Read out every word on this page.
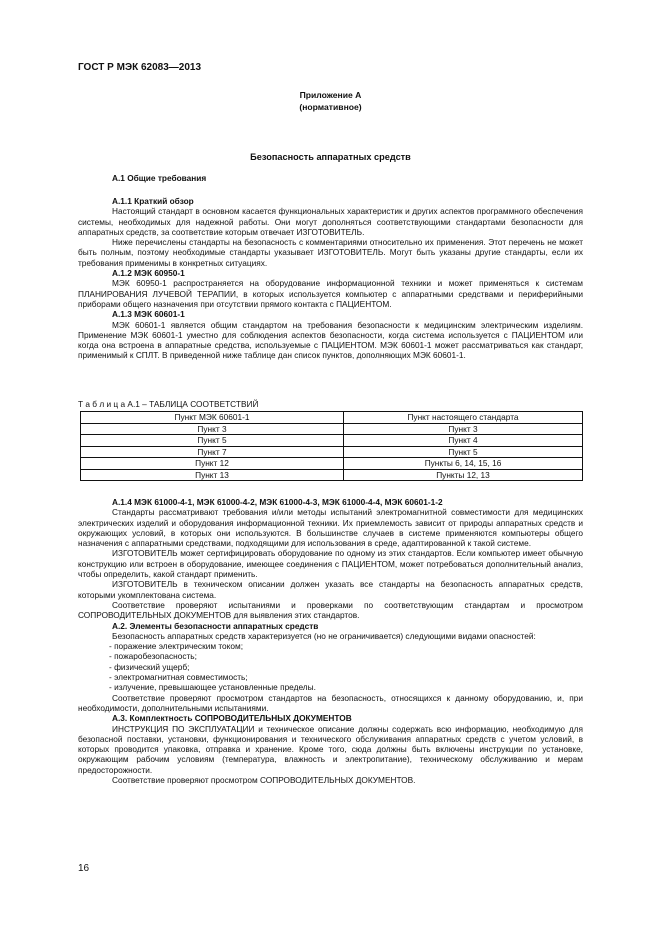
ГОСТ Р МЭК 62083—2013
Приложение А
(нормативное)
Безопасность аппаратных средств
А.1 Общие требования
А.1.1 Краткий обзор

Настоящий стандарт в основном касается функциональных характеристик и других аспектов программного обеспечения системы, необходимых для надежной работы. Они могут дополняться соответствующими стандартами безопасности для аппаратных средств, за соответствие которым отвечает ИЗГОТОВИТЕЛЬ.

Ниже перечислены стандарты на безопасность с комментариями относительно их применения. Этот перечень не может быть полным, поэтому необходимые стандарты указывает ИЗГОТОВИТЕЛЬ. Могут быть указаны другие стандарты, если их требования применимы в конкретных ситуациях.

А.1.2 МЭК 60950-1

МЭК 60950-1 распространяется на оборудование информационной техники и может применяться к системам ПЛАНИРОВАНИЯ ЛУЧЕВОЙ ТЕРАПИИ, в которых используется компьютер с аппаратными средствами и периферийными приборами общего назначения при отсутствии прямого контакта с ПАЦИЕНТОМ.

А.1.3 МЭК 60601-1

МЭК 60601-1 является общим стандартом на требования безопасности к медицинским электрическим изделиям. Применение МЭК 60601-1 уместно для соблюдения аспектов безопасности, когда система используется с ПАЦИЕНТОМ или когда она встроена в аппаратные средства, используемые с ПАЦИЕНТОМ. МЭК 60601-1 может рассматриваться как стандарт, применимый к СПЛТ. В приведенной ниже таблице дан список пунктов, дополняющих МЭК 60601-1.

Т а б л и ц а А.1 – ТАБЛИЦА СООТВЕТСТВИЙ
Пункт МЭК 60601-1	Пункт настоящего стандарта
Пункт 3	Пункт 3
Пункт 5	Пункт 4
Пункт 7	Пункт 5
Пункт 12	Пункты 6, 14, 15, 16
Пункт 13	Пункты 12, 13
А.1.4 МЭК 61000-4-1, МЭК 61000-4-2, МЭК 61000-4-3, МЭК 61000-4-4, МЭК 60601-1-2

Стандарты рассматривают требования и/или методы испытаний электромагнитной совместимости для медицинских электрических изделий и оборудования информационной техники. Их приемлемость зависит от природы аппаратных средств и окружающих условий, в которых они используются. В большинстве случаев в системе применяются компьютеры общего назначения с аппаратными средствами, подходящими для использования в среде, адаптированной к такой системе.

ИЗГОТОВИТЕЛЬ может сертифицировать оборудование по одному из этих стандартов. Если компьютер имеет обычную конструкцию или встроен в оборудование, имеющее соединения с ПАЦИЕНТОМ, может потребоваться дополнительный анализ, чтобы определить, какой стандарт применить.

ИЗГОТОВИТЕЛЬ в техническом описании должен указать все стандарты на безопасность аппаратных средств, которыми укомплектована система.

Соответствие проверяют испытаниями и проверками по соответствующим стандартам и просмотром СОПРОВОДИТЕЛЬНЫХ ДОКУМЕНТОВ для выявления этих стандартов.

А.2. Элементы безопасности аппаратных средств

Безопасность аппаратных средств характеризуется (но не ограничивается) следующими видами опасностей:

- поражение электрическим током;

- пожаробезопасность;

- физический ущерб;

- электромагнитная совместимость;

- излучение, превышающее установленные пределы.

Соответствие проверяют просмотром стандартов на безопасность, относящихся к данному оборудованию, и, при необходимости, дополнительными испытаниями.

А.3. Комплектность СОПРОВОДИТЕЛЬНЫХ ДОКУМЕНТОВ

ИНСТРУКЦИЯ ПО ЭКСПЛУАТАЦИИ и техническое описание должны содержать всю информацию, необходимую для безопасной поставки, установки, функционирования и технического обслуживания аппаратных средств с учетом условий, в которых проводится упаковка, отправка и хранение. Кроме того, сюда должны быть включены инструкции по установке, окружающим рабочим условиям (температура, влажность и электропитание), техническому обслуживанию и мерам предосторожности.

Соответствие проверяют просмотром СОПРОВОДИТЕЛЬНЫХ ДОКУМЕНТОВ.

16
